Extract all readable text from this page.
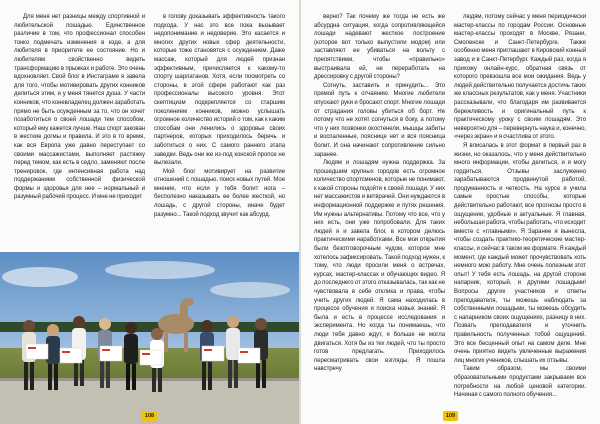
Для меня нет разницы между спортивной и любительской лошадью. Единственное различие в том, что профессионал способен тонко подмечать изменения в езде, а для любителя в приоритете ее состояние. Но и любителям свойственно видеть трансформацию в прыжках и работе. Это очень вдохновляет. Свой блог в Инстаграме я завела для того, чтобы мотивировать других конников делиться этим, и у меня тянется душа. У части конников, что коневладелец должен заработать прямо не быть осужденным за то, что он хочет позаботиться о своей лошади тем способом, который ему кажется лучше. Наш спорт закован в жесткие догмы и правила. И это в то время, как вся Европа уже давно переступает со своими массажистами, выполняет растяжку перед темом, как есть в седло, заменяют после тренировок, где интенсивная работа над поддержанием собственной физической формы и здоровья для нее – нормальный и разумный рабочий процесс. И мне не приходит

в голову доказывать эффективность такого подхода. У нас это все пока вызывает недопонимание и недоверие. Это касается и многих других новых сфер деятельности, которые тоже становятся с осуждением. Даже массаж, который для людей признан эффективным, причисляется к какому-то спорту шарлатанов. Хотя, если посмотреть со стороны, в этой сфере работают как раз профессионалы высокого уровня. Этот скептицизм подкрепляется со старшим поколением конников, можно услышать огромное количество историй о том, как к каким способам они ленились о здоровье своих партнеров, которых приходилось беречь и заботиться о них. С самого раннего этапа заведки. Ведь они же из-под конской пропсе не вылезали.

Мой блог мотивирует на развитие отношений с лошадью, поиск новых путей. Мое мнение, что если у тебя болит нога – бесполезно наказывать ее более жесткой, но лошадь, с другой стороны, иначе будет разумно... Такой подход звучит как абсурд.

108

верно? Так почему же тогда не есть же абсурдна ситуация, когда сопротивляющейся лошади надевают жесткое построение (которое вот только выпустили модом) или заставляют ее убиваться на вольту с препятствием, чтобы «правильно» выстраивала ей, не переработать на дрессировку с другой стороны?

Согнуть, заставить и принудить... Это прямой путь к отчаянию. Многие любители опускают руки и бросают спорт. Многие лошади от страдания головы убиться об борт. Не потому что не хотят согнуться в боку, а потому что у них позвонки окостенели, мышцы забиты и воспаленные, пояснице нет и вся поясница болит. И она начинают сопротивление сильно заранее.

Людям и лошадям нужна поддержка. За прошедшим крупных городов есть огромное количество спортсменов, которые не понимают, к какой стороны подойти к своей лошади. У них нет массажистов и ветврачей. Они нуждаются в информационной поддержке и путях решения. Им нужны альтернативы. Потому что все, что у них есть, они уже попробовали. Для таких людей я и завела блог, в котором делюсь практическими наработками. Все мои открытия были безотговорочным чудом, которое мне хотелось зафиксировать. Такой подход нужен, к тому, что люди просили меня о встречах, курсах, мастер-классах и обучающих видео. Я до последнего от этого отказывалась, так как не чувствовала в себе отклика и права, чтобы учить других людей. Я сама находилась в процессе обучения и поиска новых знаний. Я была и есть в процессе исследования и эксперимента. Но когда ты понимаешь, что люди тебя давно ждут, я больше не могла двигаться. Хотя бы из тех людей, что ты просто готов предлагать. Приходилось пересматривать свои взгляды. Я пошла навстречу

людям, потому сейчас у меня периодически мастер-классы по городам России. Основные мастер-классы проходят в Москве, Рязани, Смоленске и Санкт-Петербурге. Также особенно меня приглашают в Кировский конный завод и в Санкт-Петербург. Каждый раз, когда я прихожу онлайн-курс, обратная связь от которого превзошла все мои ожидания. Ведь у людей действительно получается достичь таких же классных результатов, как у меня. Участники рассказывали, что благодаря им развивается бережливость и оригинальный путь к практическому уроку с своим лошадям. Это невероятно для – перевернуть наука и, конечно, «через экран» и я счастлива от этого.

Я вписалась в этот формат в первый раз в жизни, но оказалось, что у меня действительно много информации, чтобы делиться, и я могу гордиться. Отзывы заслуженно зарабатываются продвинутой работой, продуманность и четкость. На курсе я учила самые простые способы, которые действительно работают, все прогнозы просто в ощущении, удобные и актуальные. Я главная, небольшая работа, чтобы работать, что исходит вместе с «главными». Я Заранее я вынесла, чтобы создать практико-теоретические мастер-классы, и сейчас в таком же формате. Я каждый момент, где каждый может прочувствовать хоть немного мою работу. Мне очень полезным этот опыт! У тебя есть лошадь, на другой стороне напарник, который, и другими лошадьми! Вопросы других участников и ответы преподавателя, ты можешь наблюдать за собственными лошадьми, ты можешь обсудить с напарником своих ощущениях, разницу в них. Позвать преподавателя и уточнить правильность полученных тобой ощущений. Это все бесценный опыт на самом деле. Мне очень приятно видеть увлеченные выражения лиц многих учеников, слышать их отзывы.

Таким образом, мы своими образовательными продуктами закрываем все потребности на любой ценовой категории. Начиная с самого полного обучения...

109
